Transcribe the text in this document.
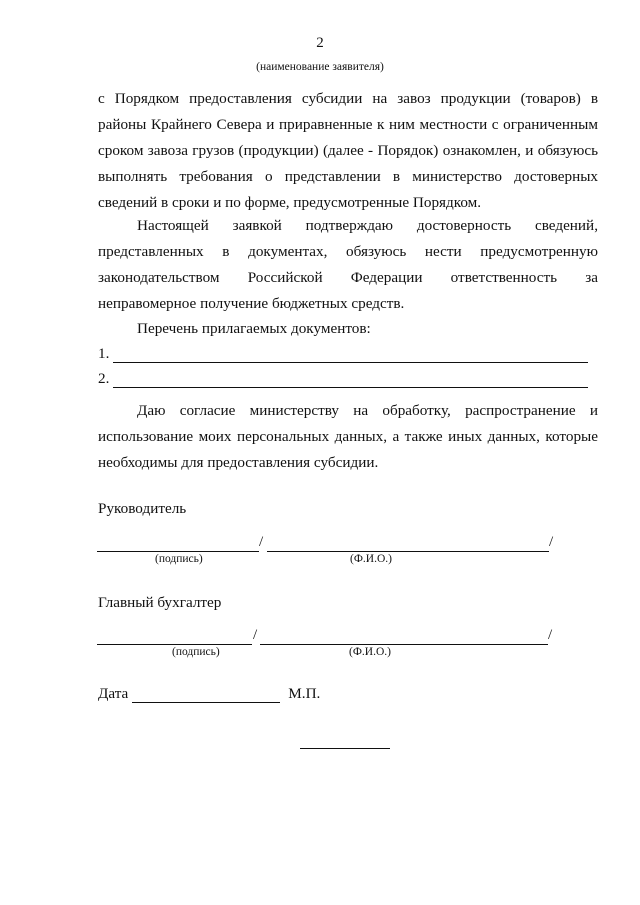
2
(наименование заявителя)
с Порядком предоставления субсидии на завоз продукции (товаров) в районы Крайнего Севера и приравненные к ним местности с ограниченным сроком завоза грузов (продукции) (далее - Порядок) ознакомлен, и обязуюсь выполнять требования о представлении в министерство достоверных сведений в сроки и по форме, предусмотренные Порядком.
Настоящей заявкой подтверждаю достоверность сведений, представленных в документах, обязуюсь нести предусмотренную законодательством Российской Федерации ответственность за неправомерное получение бюджетных средств.
Перечень прилагаемых документов:
1.
2.
Даю согласие министерству на обработку, распространение и использование моих персональных данных, а также иных данных, которые необходимы для предоставления субсидии.
Руководитель
/	/
(подпись)	(Ф.И.О.)
Главный бухгалтер
/	/
(подпись)	(Ф.И.О.)
Дата	М.П.
